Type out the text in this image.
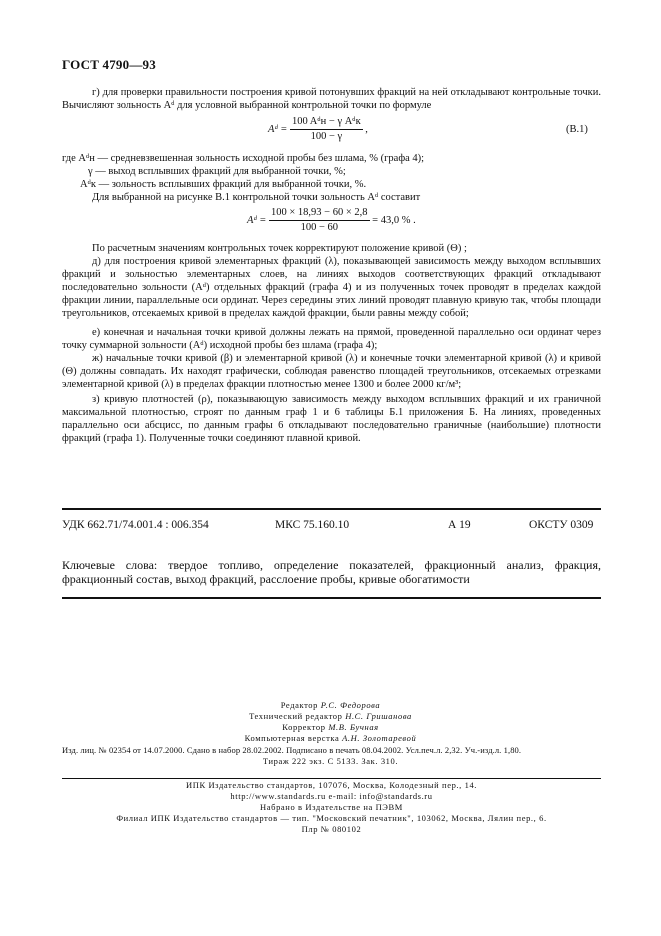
ГОСТ 4790—93
г) для проверки правильности построения кривой потонувших фракций на ней откладывают контрольные точки. Вычисляют зольность Aᵈ для условной выбранной контрольной точки по формуле
Aᵈ = $\frac{\text{100 Aᵈн − γ Aᵈк}}{100 - \gamma}$ ,	(В.1)
где Aᵈн — средневзвешенная зольность исходной пробы без шлама, % (графа 4);
γ — выход всплывших фракций для выбранной точки, %;
Aᵈк — зольность всплывших фракций для выбранной точки, %.
Для выбранной на рисунке В.1 контрольной точки зольность Aᵈ составит
Aᵈ = $\frac{100 \times 18,93 - 60 \times 2,8}{100 - 60} = 43,0$ % .
По расчетным значениям контрольных точек корректируют положение кривой (Θ) ;
д) для построения кривой элементарных фракций (λ), показывающей зависимость между выходом всплывших фракций и зольностью элементарных слоев, на линиях выходов соответствующих фракций откладывают последовательно зольности (Aᵈ) отдельных фракций (графа 4) и из полученных точек проводят в пределах каждой фракции линии, параллельные оси ординат. Через середины этих линий проводят плавную кривую так, чтобы площади треугольников, отсекаемых кривой в пределах каждой фракции, были равны между собой;
е) конечная и начальная точки кривой должны лежать на прямой, проведенной параллельно оси ординат через точку суммарной зольности (Aᵈ) исходной пробы без шлама (графа 4);
ж) начальные точки кривой (β) и элементарной кривой (λ) и конечные точки элементарной кривой (λ) и кривой (Θ) должны совпадать. Их находят графически, соблюдая равенство площадей треугольников, отсекаемых отрезками элементарной кривой (λ) в пределах фракции плотностью менее 1300 и более 2000 кг/м³;
з) кривую плотностей (ρ), показывающую зависимость между выходом всплывших фракций и их граничной максимальной плотностью, строят по данным граф 1 и 6 таблицы Б.1 приложения Б. На линиях, проведенных параллельно оси абсцисс, по данным графы 6 откладывают последовательно граничные (наибольшие) плотности фракций (графа 1). Полученные точки соединяют плавной кривой.
УДК 662.71/74.001.4 : 006.354	МКС 75.160.10	А 19	ОКСТУ 0309
Ключевые слова: твердое топливо, определение показателей, фракционный анализ, фракция, фракционный состав, выход фракций, расслоение пробы, кривые обогатимости
Редактор Р.С. Федорова
Технический редактор Н.С. Гришанова
Корректор М.В. Бучная
Компьютерная верстка А.Н. Золотаревой
Изд. лиц. № 02354 от 14.07.2000. Сдано в набор 28.02.2002. Подписано в печать 08.04.2002. Усл.печ.л. 2,32. Уч.-изд.л. 1,80.
Тираж 222 экз. С 5133. Зак. 310.
ИПК Издательство стандартов, 107076, Москва, Колодезный пер., 14.
http://www.standards.ru e-mail: info@standards.ru
Набрано в Издательстве на ПЭВМ
Филиал ИПК Издательство стандартов — тип. "Московский печатник", 103062, Москва, Лялин пер., 6.
Плр № 080102
